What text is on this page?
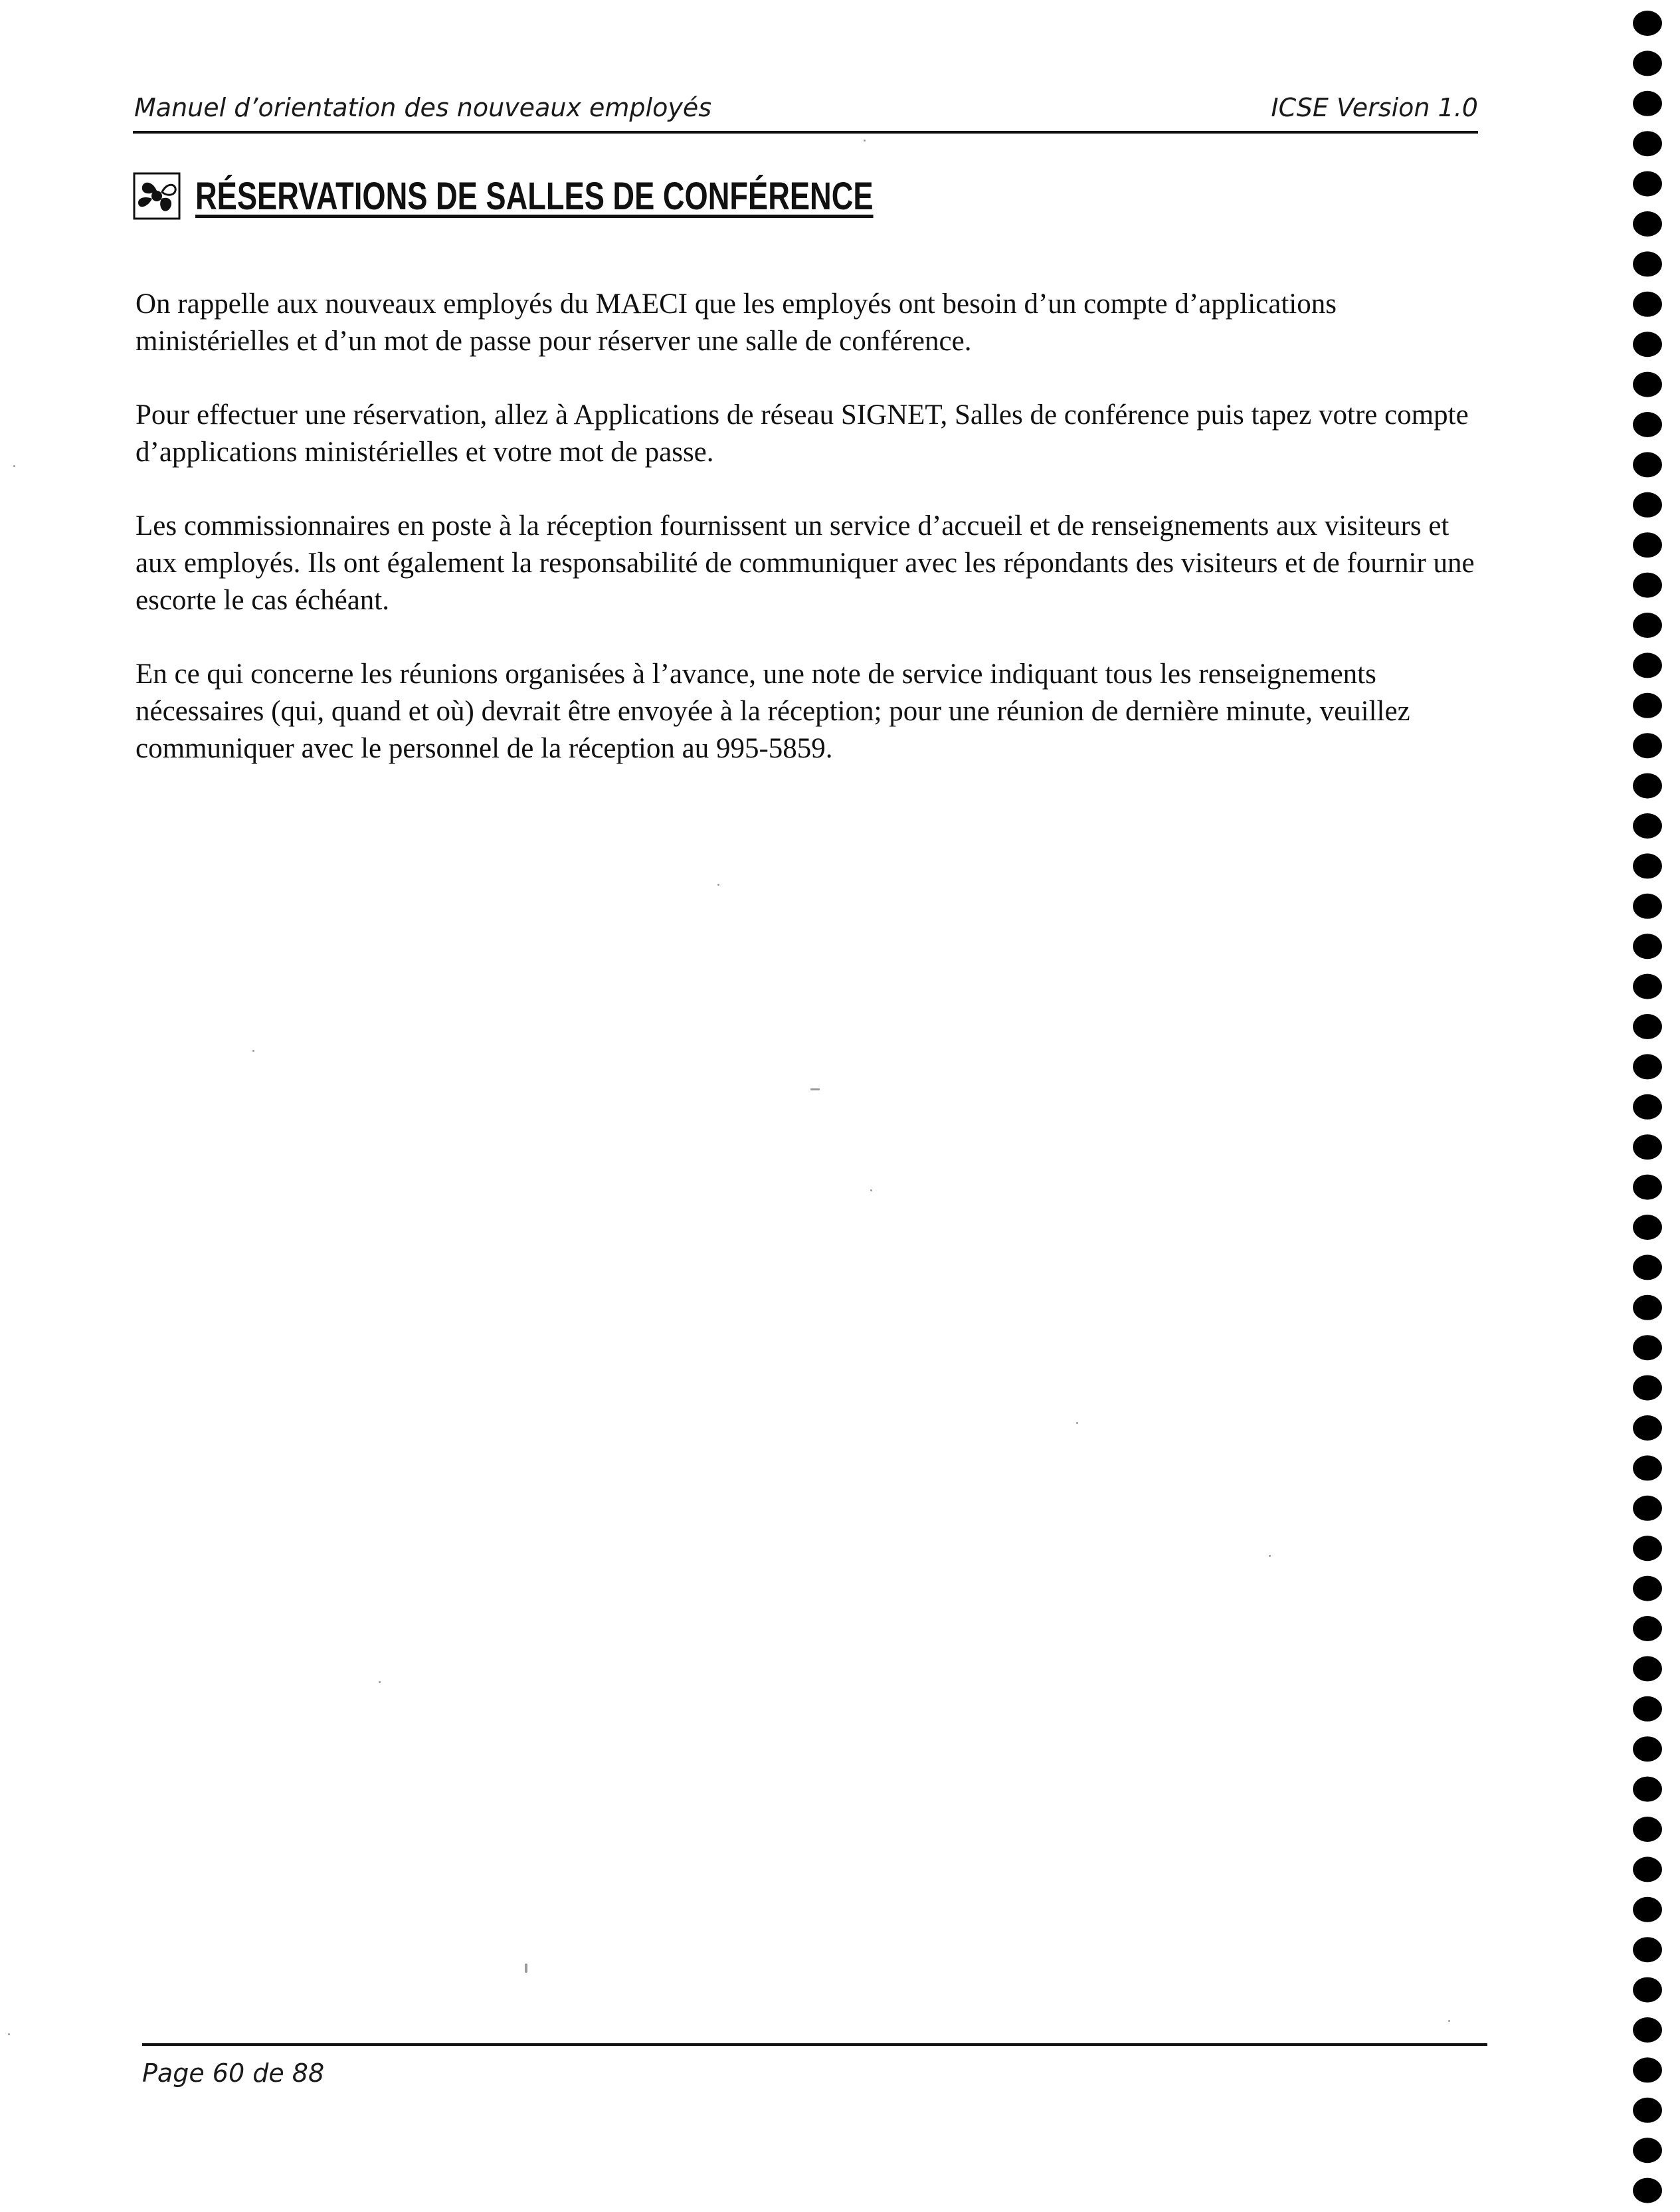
Manuel d’orientation des nouveaux employés	ICSE Version 1.0
RÉSERVATIONS DE SALLES DE CONFÉRENCE

On rappelle aux nouveaux employés du MAECI que les employés ont besoin d’un compte d’applications ministérielles et d’un mot de passe pour réserver une salle de conférence.

Pour effectuer une réservation, allez à Applications de réseau SIGNET, Salles de conférence puis tapez votre compte d’applications ministérielles et votre mot de passe.

Les commissionnaires en poste à la réception fournissent un service d’accueil et de renseignements aux visiteurs et aux employés. Ils ont également la responsabilité de communiquer avec les répondants des visiteurs et de fournir une escorte le cas échéant.

En ce qui concerne les réunions organisées à l’avance, une note de service indiquant tous les renseignements nécessaires (qui, quand et où) devrait être envoyée à la réception; pour une réunion de dernière minute, veuillez communiquer avec le personnel de la réception au 995-5859.

Page 60 de 88
